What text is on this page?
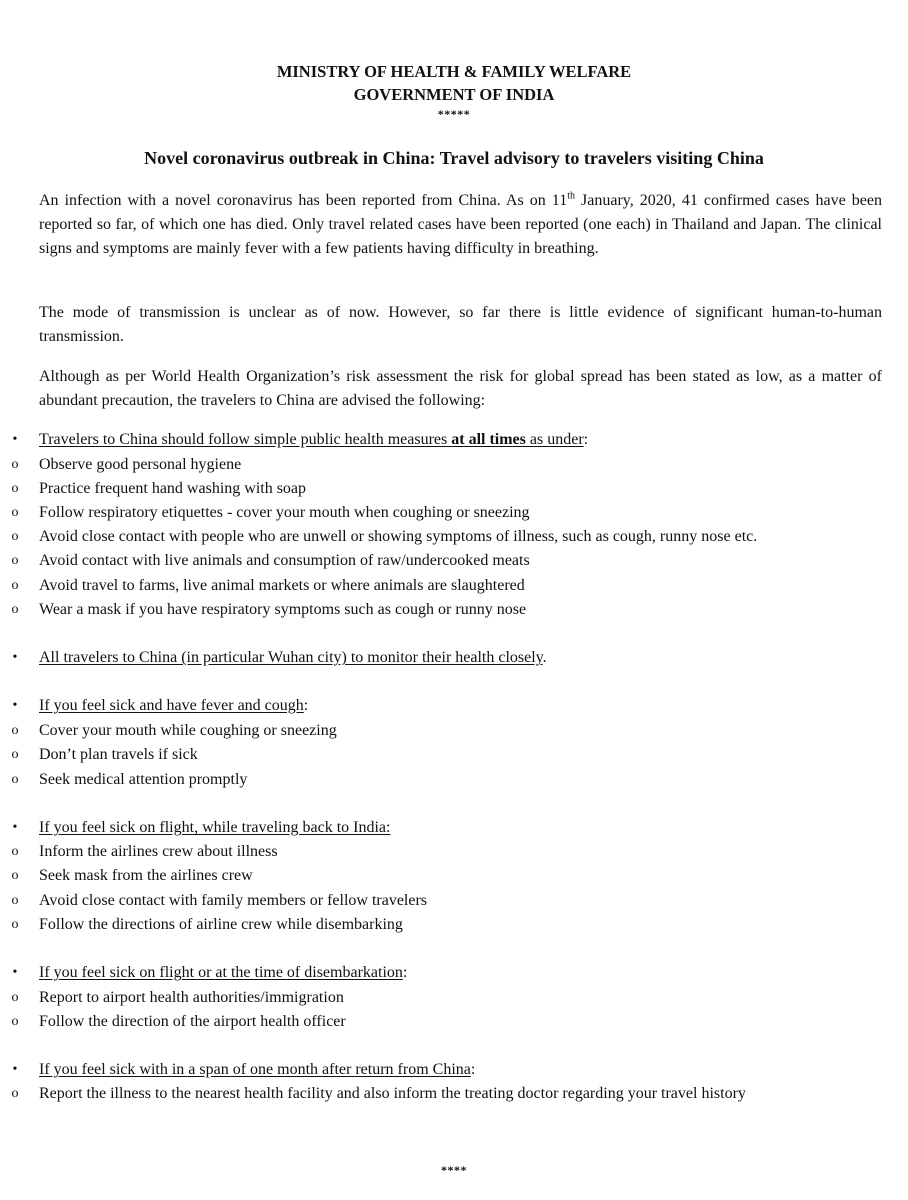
MINISTRY OF HEALTH & FAMILY WELFARE
GOVERNMENT OF INDIA
*****
Novel coronavirus outbreak in China: Travel advisory to travelers visiting China
An infection with a novel coronavirus has been reported from China. As on 11th January, 2020, 41 confirmed cases have been reported so far, of which one has died. Only travel related cases have been reported (one each) in Thailand and Japan. The clinical signs and symptoms are mainly fever with a few patients having difficulty in breathing.
The mode of transmission is unclear as of now. However, so far there is little evidence of significant human-to-human transmission.
Although as per World Health Organization’s risk assessment the risk for global spread has been stated as low, as a matter of abundant precaution, the travelers to China are advised the following:
• Travelers to China should follow simple public health measures at all times as under:
o Observe good personal hygiene
o Practice frequent hand washing with soap
o Follow respiratory etiquettes - cover your mouth when coughing or sneezing
o Avoid close contact with people who are unwell or showing symptoms of illness, such as cough, runny nose etc.
o Avoid contact with live animals and consumption of raw/undercooked meats
o Avoid travel to farms, live animal markets or where animals are slaughtered
o Wear a mask if you have respiratory symptoms such as cough or runny nose
• All travelers to China (in particular Wuhan city) to monitor their health closely.
• If you feel sick and have fever and cough:
o Cover your mouth while coughing or sneezing
o Don’t plan travels if sick
o Seek medical attention promptly
• If you feel sick on flight, while traveling back to India:
o Inform the airlines crew about illness
o Seek mask from the airlines crew
o Avoid close contact with family members or fellow travelers
o Follow the directions of airline crew while disembarking
• If you feel sick on flight or at the time of disembarkation:
o Report to airport health authorities/immigration
o Follow the direction of the airport health officer
• If you feel sick with in a span of one month after return from China:
o Report the illness to the nearest health facility and also inform the treating doctor regarding your travel history
****
